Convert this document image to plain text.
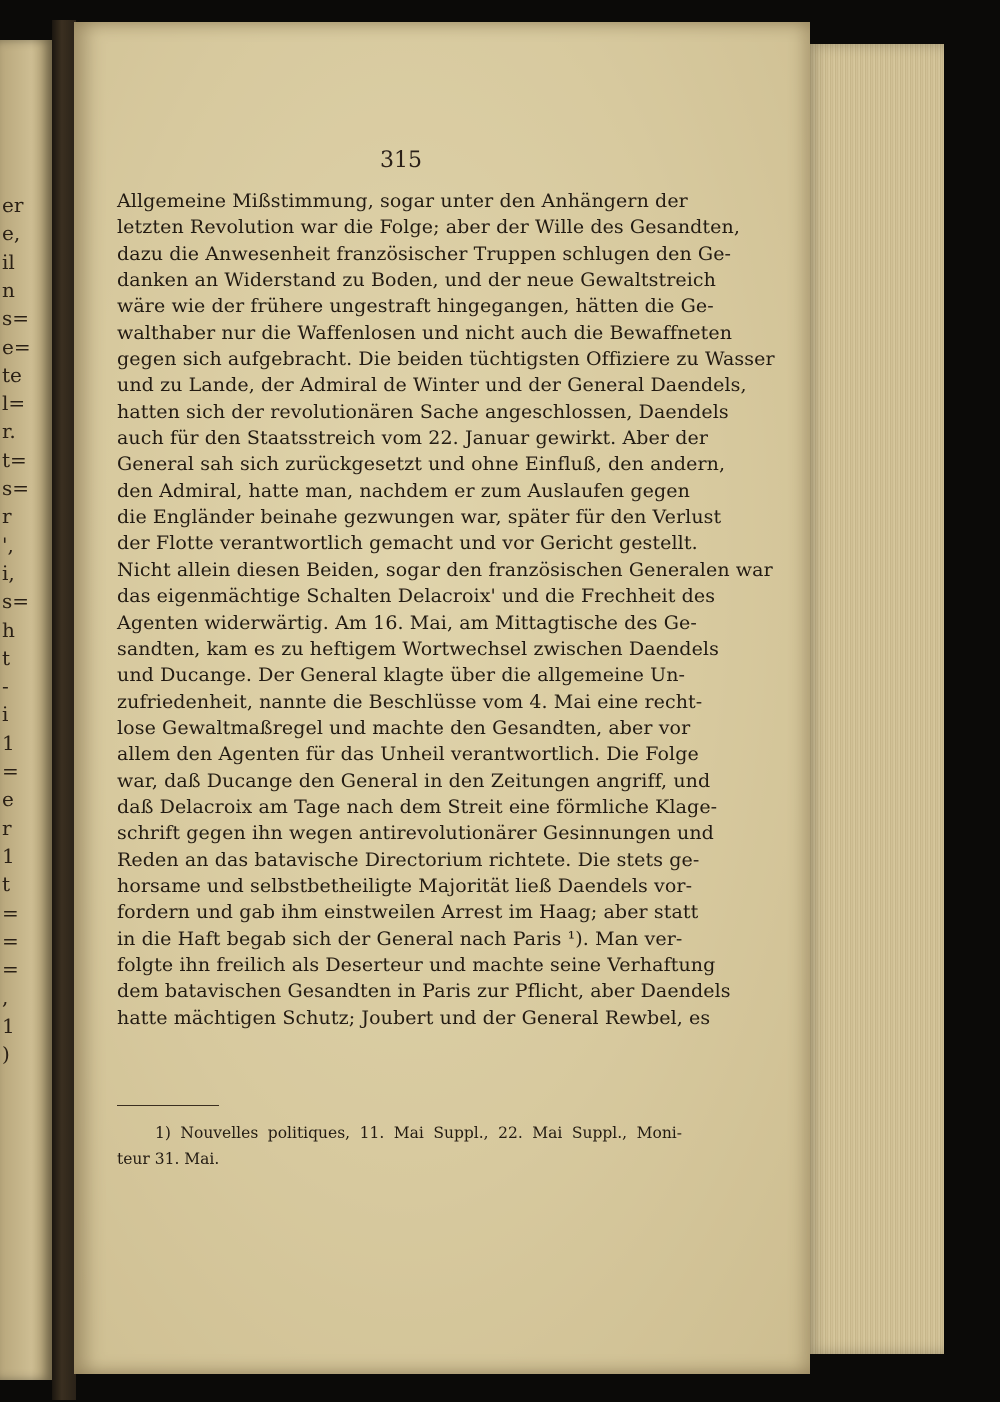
er
e,
il
n
s=
e=
te
l=
r.
t=
s=
r
',
i,
s=
h
t
-
i
1
=
e
r
1
t
=
=
=
,
1
)
315
Allgemeine Mißstimmung, sogar unter den Anhängern der
letzten Revolution war die Folge; aber der Wille des Gesandten,
dazu die Anwesenheit französischer Truppen schlugen den Ge-
danken an Widerstand zu Boden, und der neue Gewaltstreich
wäre wie der frühere ungestraft hingegangen, hätten die Ge-
walthaber nur die Waffenlosen und nicht auch die Bewaffneten
gegen sich aufgebracht. Die beiden tüchtigsten Offiziere zu Wasser
und zu Lande, der Admiral de Winter und der General Daendels,
hatten sich der revolutionären Sache angeschlossen, Daendels
auch für den Staatsstreich vom 22. Januar gewirkt. Aber der
General sah sich zurückgesetzt und ohne Einfluß, den andern,
den Admiral, hatte man, nachdem er zum Auslaufen gegen
die Engländer beinahe gezwungen war, später für den Verlust
der Flotte verantwortlich gemacht und vor Gericht gestellt.
Nicht allein diesen Beiden, sogar den französischen Generalen war
das eigenmächtige Schalten Delacroix' und die Frechheit des
Agenten widerwärtig. Am 16. Mai, am Mittagtische des Ge-
sandten, kam es zu heftigem Wortwechsel zwischen Daendels
und Ducange. Der General klagte über die allgemeine Un-
zufriedenheit, nannte die Beschlüsse vom 4. Mai eine recht-
lose Gewaltmaßregel und machte den Gesandten, aber vor
allem den Agenten für das Unheil verantwortlich. Die Folge
war, daß Ducange den General in den Zeitungen angriff, und
daß Delacroix am Tage nach dem Streit eine förmliche Klage-
schrift gegen ihn wegen antirevolutionärer Gesinnungen und
Reden an das batavische Directorium richtete. Die stets ge-
horsame und selbstbetheiligte Majorität ließ Daendels vor-
fordern und gab ihm einstweilen Arrest im Haag; aber statt
in die Haft begab sich der General nach Paris ¹). Man ver-
folgte ihn freilich als Deserteur und machte seine Verhaftung
dem batavischen Gesandten in Paris zur Pflicht, aber Daendels
hatte mächtigen Schutz; Joubert und der General Rewbel, es
1) Nouvelles politiques, 11. Mai Suppl., 22. Mai Suppl., Moni-
teur 31. Mai.
